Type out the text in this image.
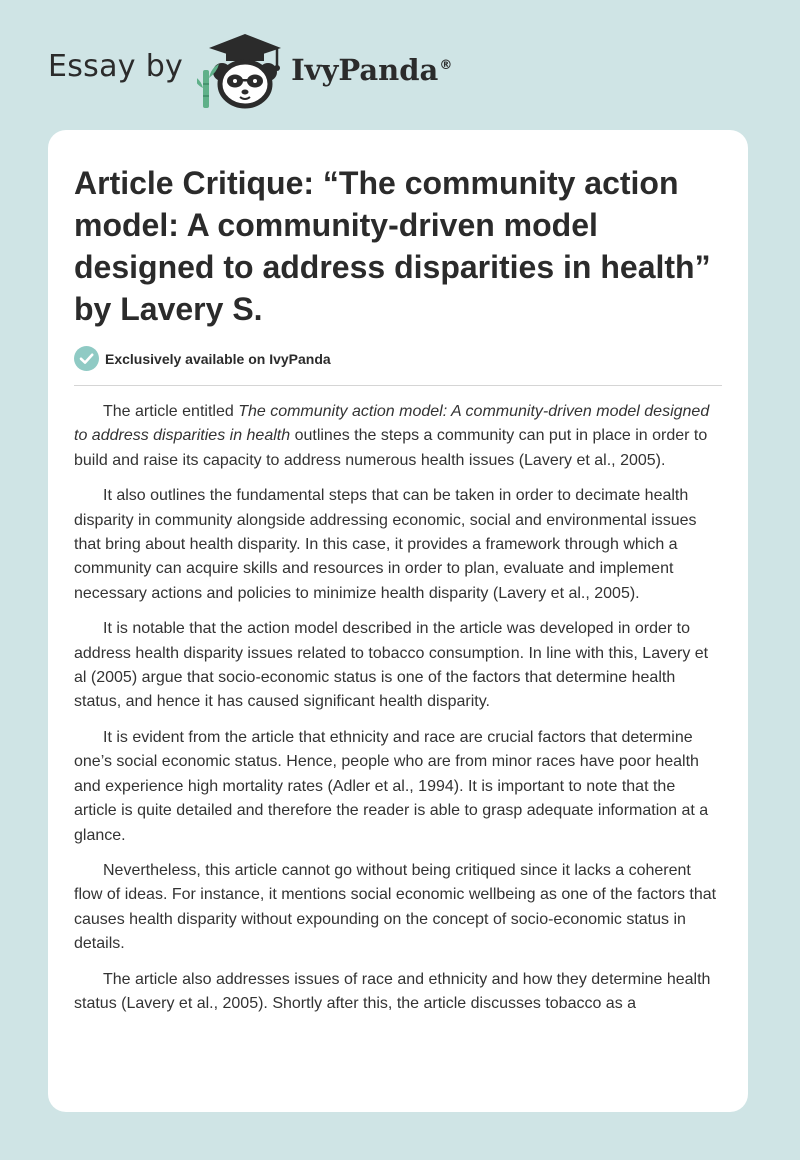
Essay by	IvyPanda®
Article Critique: “The community action model: A community-driven model designed to address disparities in health” by Lavery S.
Exclusively available on IvyPanda

The article entitled The community action model: A community-driven model designed to address disparities in health outlines the steps a community can put in place in order to build and raise its capacity to address numerous health issues (Lavery et al., 2005).

It also outlines the fundamental steps that can be taken in order to decimate health disparity in community alongside addressing economic, social and environmental issues that bring about health disparity. In this case, it provides a framework through which a community can acquire skills and resources in order to plan, evaluate and implement necessary actions and policies to minimize health disparity (Lavery et al., 2005).

It is notable that the action model described in the article was developed in order to address health disparity issues related to tobacco consumption. In line with this, Lavery et al (2005) argue that socio-economic status is one of the factors that determine health status, and hence it has caused significant health disparity.

It is evident from the article that ethnicity and race are crucial factors that determine one’s social economic status. Hence, people who are from minor races have poor health and experience high mortality rates (Adler et al., 1994). It is important to note that the article is quite detailed and therefore the reader is able to grasp adequate information at a glance.

Nevertheless, this article cannot go without being critiqued since it lacks a coherent flow of ideas. For instance, it mentions social economic wellbeing as one of the factors that causes health disparity without expounding on the concept of socio-economic status in details.

The article also addresses issues of race and ethnicity and how they determine health status (Lavery et al., 2005). Shortly after this, the article discusses tobacco as a
